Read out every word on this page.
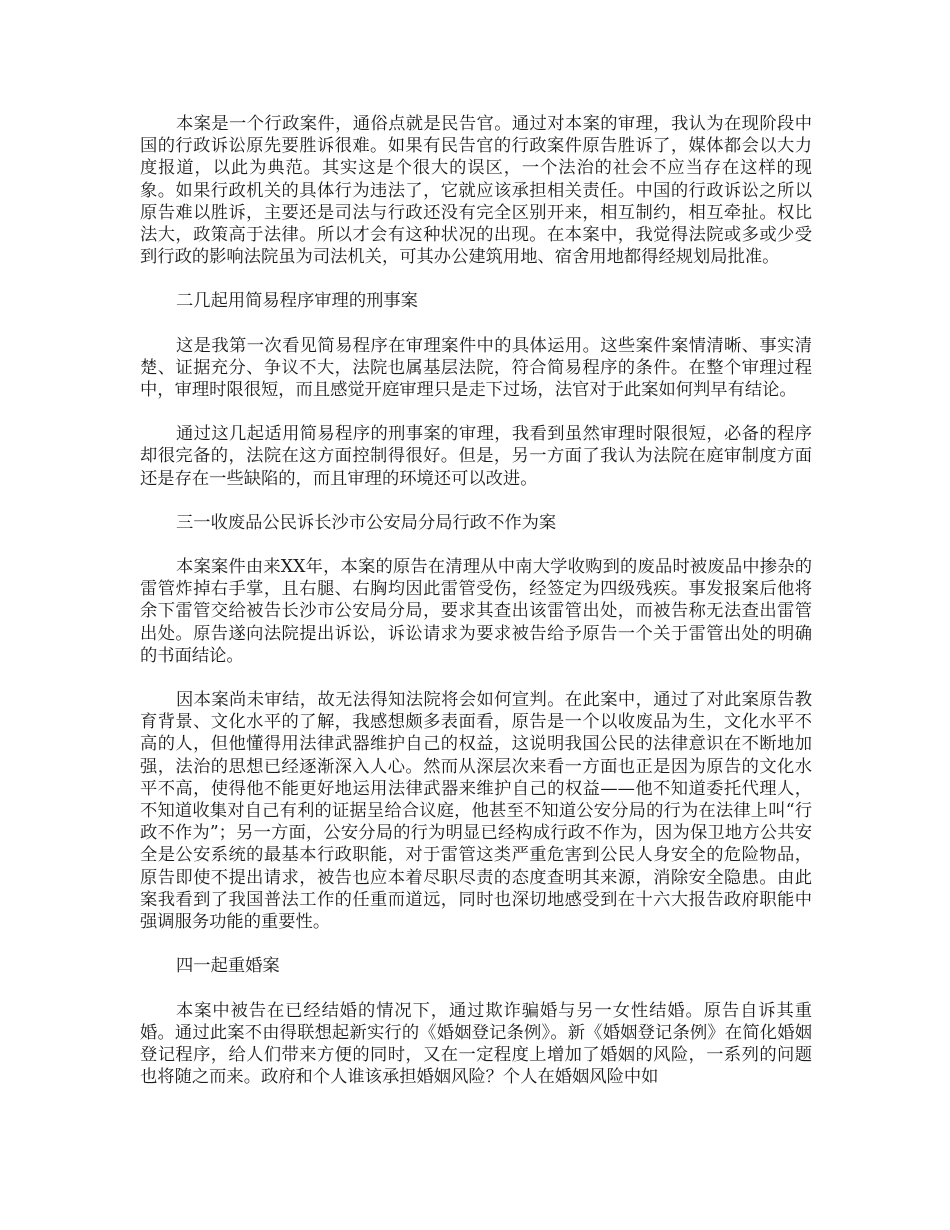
本案是一个行政案件，通俗点就是民告官。通过对本案的审理，我认为在现阶段中国的行政诉讼原先要胜诉很难。如果有民告官的行政案件原告胜诉了，媒体都会以大力度报道，以此为典范。其实这是个很大的误区，一个法治的社会不应当存在这样的现象。如果行政机关的具体行为违法了，它就应该承担相关责任。中国的行政诉讼之所以原告难以胜诉，主要还是司法与行政还没有完全区别开来，相互制约，相互牵扯。权比法大，政策高于法律。所以才会有这种状况的出现。在本案中，我觉得法院或多或少受到行政的影响法院虽为司法机关，可其办公建筑用地、宿舍用地都得经规划局批准。

二几起用简易程序审理的刑事案

这是我第一次看见简易程序在审理案件中的具体运用。这些案件案情清晰、事实清楚、证据充分、争议不大，法院也属基层法院，符合简易程序的条件。在整个审理过程中，审理时限很短，而且感觉开庭审理只是走下过场，法官对于此案如何判早有结论。

通过这几起适用简易程序的刑事案的审理，我看到虽然审理时限很短，必备的程序却很完备的，法院在这方面控制得很好。但是，另一方面了我认为法院在庭审制度方面还是存在一些缺陷的，而且审理的环境还可以改进。

三一收废品公民诉长沙市公安局分局行政不作为案

本案案件由来XX年，本案的原告在清理从中南大学收购到的废品时被废品中掺杂的雷管炸掉右手掌，且右腿、右胸均因此雷管受伤，经签定为四级残疾。事发报案后他将余下雷管交给被告长沙市公安局分局，要求其查出该雷管出处，而被告称无法查出雷管出处。原告遂向法院提出诉讼，诉讼请求为要求被告给予原告一个关于雷管出处的明确的书面结论。

因本案尚未审结，故无法得知法院将会如何宣判。在此案中，通过了对此案原告教育背景、文化水平的了解，我感想颇多表面看，原告是一个以收废品为生，文化水平不高的人，但他懂得用法律武器维护自己的权益，这说明我国公民的法律意识在不断地加强，法治的思想已经逐渐深入人心。然而从深层次来看一方面也正是因为原告的文化水平不高，使得他不能更好地运用法律武器来维护自己的权益——他不知道委托代理人，不知道收集对自己有利的证据呈给合议庭，他甚至不知道公安分局的行为在法律上叫“行政不作为”；另一方面，公安分局的行为明显已经构成行政不作为，因为保卫地方公共安全是公安系统的最基本行政职能，对于雷管这类严重危害到公民人身安全的危险物品，原告即使不提出请求，被告也应本着尽职尽责的态度查明其来源，消除安全隐患。由此案我看到了我国普法工作的任重而道远，同时也深切地感受到在十六大报告政府职能中强调服务功能的重要性。

四一起重婚案

本案中被告在已经结婚的情况下，通过欺诈骗婚与另一女性结婚。原告自诉其重婚。通过此案不由得联想起新实行的《婚姻登记条例》。新《婚姻登记条例》在简化婚姻登记程序，给人们带来方便的同时，又在一定程度上增加了婚姻的风险，一系列的问题也将随之而来。政府和个人谁该承担婚姻风险？个人在婚姻风险中如
